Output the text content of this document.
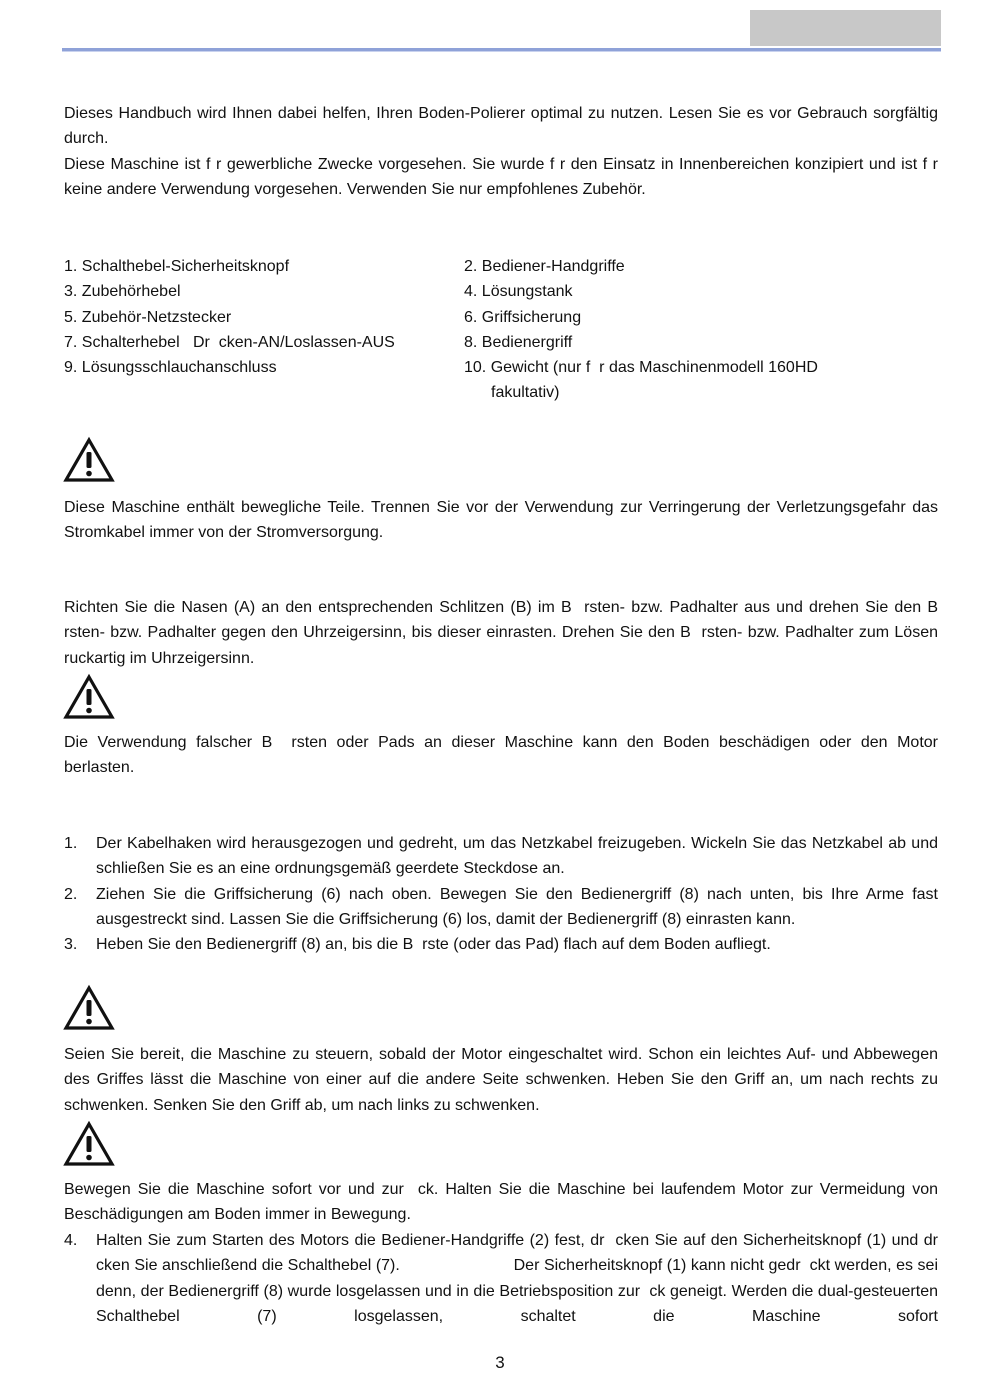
Dieses Handbuch wird Ihnen dabei helfen, Ihren Boden-Polierer optimal zu nutzen. Lesen Sie es vor Gebrauch sorgfältig durch.

Diese Maschine ist f r gewerbliche Zwecke vorgesehen. Sie wurde f r den Einsatz in Innenbereichen konzipiert und ist f r keine andere Verwendung vorgesehen. Verwenden Sie nur empfohlenes Zubehör.

1. Schalthebel-Sicherheitsknopf	2. Bediener-Handgriffe
3. Zubehörhebel	4. Lösungstank
5. Zubehör-Netzstecker	6. Griffsicherung
7. Schalterhebel   Dr  cken-AN/Loslassen-AUS	8. Bedienergriff
9. Lösungsschlauchanschluss	10. Gewicht (nur f  r das Maschinenmodell 160HD
fakultativ)
Diese Maschine enthält bewegliche Teile. Trennen Sie vor der Verwendung zur Verringerung der Verletzungsgefahr das Stromkabel immer von der Stromversorgung.
Richten Sie die Nasen (A) an den entsprechenden Schlitzen (B) im B  rsten- bzw. Padhalter aus und drehen Sie den B  rsten- bzw. Padhalter gegen den Uhrzeigersinn, bis dieser einrasten. Drehen Sie den B  rsten- bzw. Padhalter zum Lösen ruckartig im Uhrzeigersinn.
Die Verwendung falscher B  rsten oder Pads an dieser Maschine kann den Boden beschädigen oder den Motor    berlasten.
1.	Der Kabelhaken wird herausgezogen und gedreht, um das Netzkabel freizugeben. Wickeln Sie das Netzkabel ab und schließen Sie es an eine ordnungsgemäß geerdete Steckdose an.
2.	Ziehen Sie die Griffsicherung (6) nach oben. Bewegen Sie den Bedienergriff (8) nach unten, bis Ihre Arme fast ausgestreckt sind. Lassen Sie die Griffsicherung (6) los, damit der Bedienergriff (8) einrasten kann.
3.	Heben Sie den Bedienergriff (8) an, bis die B  rste (oder das Pad) flach auf dem Boden aufliegt.
Seien Sie bereit, die Maschine zu steuern, sobald der Motor eingeschaltet wird. Schon ein leichtes Auf- und Abbewegen des Griffes lässt die Maschine von einer auf die andere Seite schwenken. Heben Sie den Griff an, um nach rechts zu schwenken. Senken Sie den Griff ab, um nach links zu schwenken.
Bewegen Sie die Maschine sofort vor und zur  ck. Halten Sie die Maschine bei laufendem Motor zur Vermeidung von Beschädigungen am Boden immer in Bewegung.
4.	Halten Sie zum Starten des Motors die Bediener-Handgriffe (2) fest, dr  cken Sie auf den Sicherheitsknopf (1) und dr  cken Sie anschließend die Schalthebel (7).                         Der Sicherheitsknopf (1) kann nicht gedr  ckt werden, es sei denn, der Bedienergriff (8) wurde losgelassen und in die Betriebsposition zur  ck geneigt. Werden die dual-gesteuerten Schalthebel (7) losgelassen, schaltet die Maschine sofort
3
